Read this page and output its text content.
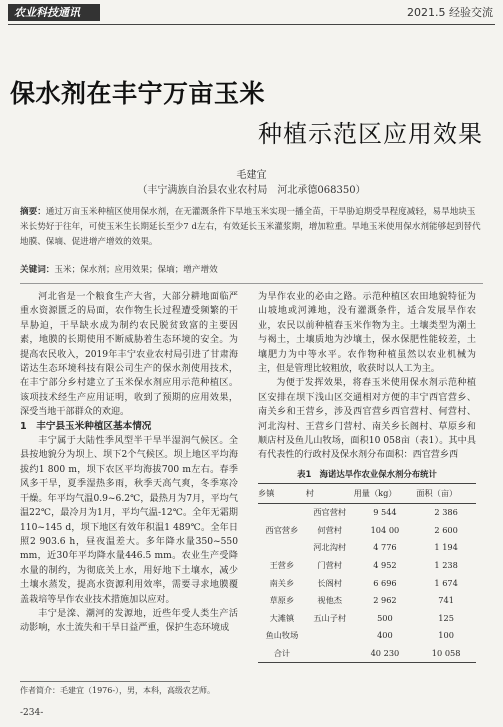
农业科技通讯	2021.5 经验交流
保水剂在丰宁万亩玉米
种植示范区应用效果
毛建宜
（丰宁满族自治县农业农村局　河北承德068350）
摘要：通过万亩玉米种植区使用保水剂，在无灌溉条件下旱地玉米实现一播全苗，干旱胁迫期受旱程度减轻，易旱地块玉米长势好于往年，可使玉米生长期延长至少7 d左右，有效延长玉米灌浆期，增加粒重。旱地玉米使用保水剂能够起到替代地膜、保墒、促进增产增效的效果。
关键词：玉米；保水剂；应用效果；保墒；增产增效

河北省是一个粮食生产大省，大部分耕地面临严重水资源匮乏的局面，农作物生长过程遭受频繁的干旱胁迫，干旱缺水成为制约农民脱贫致富的主要因素，地膜的长期使用不断威胁着生态环境的安全。为提高农民收入，2019年丰宁农业农村局引进了甘肃海诺达生态环境科技有限公司生产的保水剂使用技术，在丰宁部分乡村建立了玉米保水剂应用示范种植区。该项技术经生产应用证明，收到了预期的应用效果，深受当地干部群众的欢迎。

1　丰宁县玉米种植区基本情况

丰宁属于大陆性季风型半干旱半湿润气候区。全县按地貌分为坝上、坝下2个气候区。坝上地区平均海拔约1 800 m，坝下农区平均海拔700 m左右。春季风多干旱，夏季湿热多雨，秋季天高气爽，冬季寒冷干燥。年平均气温0.9~6.2℃，最热月为7月，平均气温22℃，最冷月为1月，平均气温-12℃。全年无霜期110~145 d，坝下地区有效年积温1 489℃。全年日照2 903.6 h，昼夜温差大。多年降水量350~550 mm，近30年平均降水量446.5 mm。农业生产受降水量的制约，为彻底关上水，用好地下土壤水，减少土壤水蒸发，提高水资源利用效率，需要寻求地膜覆盖栽培等旱作农业技术措施加以应对。

丰宁是滦、潮河的发源地，近些年受人类生产活动影响，水土流失和干旱日益严重，保护生态环境成

为旱作农业的必由之路。示范种植区农田地貌特征为山坡地或河滩地，没有灌溉条件，适合发展旱作农业，农民以前种植春玉米作物为主。土壤类型为潮土与褐土，土壤质地为沙壤土，保水保肥性能较差，土壤肥力为中等水平。农作物种植虽然以农业机械为主，但是管理比较粗放，收获时以人工为主。

为便于发挥效果，将春玉米使用保水剂示范种植区安排在坝下浅山区交通相对方便的丰宁西官营乡、南关乡和王营乡，涉及西官营乡西官营村、何营村、河北沟村、王营乡门营村、南关乡长阁村、草原乡和顺店村及鱼儿山牧场，面积10 058亩（表1）。其中具有代表性的行政村及保水剂分布面积：西官营乡西

表1　海诺达旱作农业保水剂分布统计
乡镇	村	用量（kg）	面积（亩）
	西官营村	9 544	2 386
西官营乡	何营村	104 00	2 600
	河北沟村	4 776	1 194
王营乡	门营村	4 952	1 238
南关乡	长阁村	6 696	1 674
草原乡	视他杰	2 962	741
大滩镇	五山子村	500	125
鱼山牧场		400	100
合计		40 230	10 058
作者简介：毛建宜（1976-），男，本科，高级农艺师。
-234-
